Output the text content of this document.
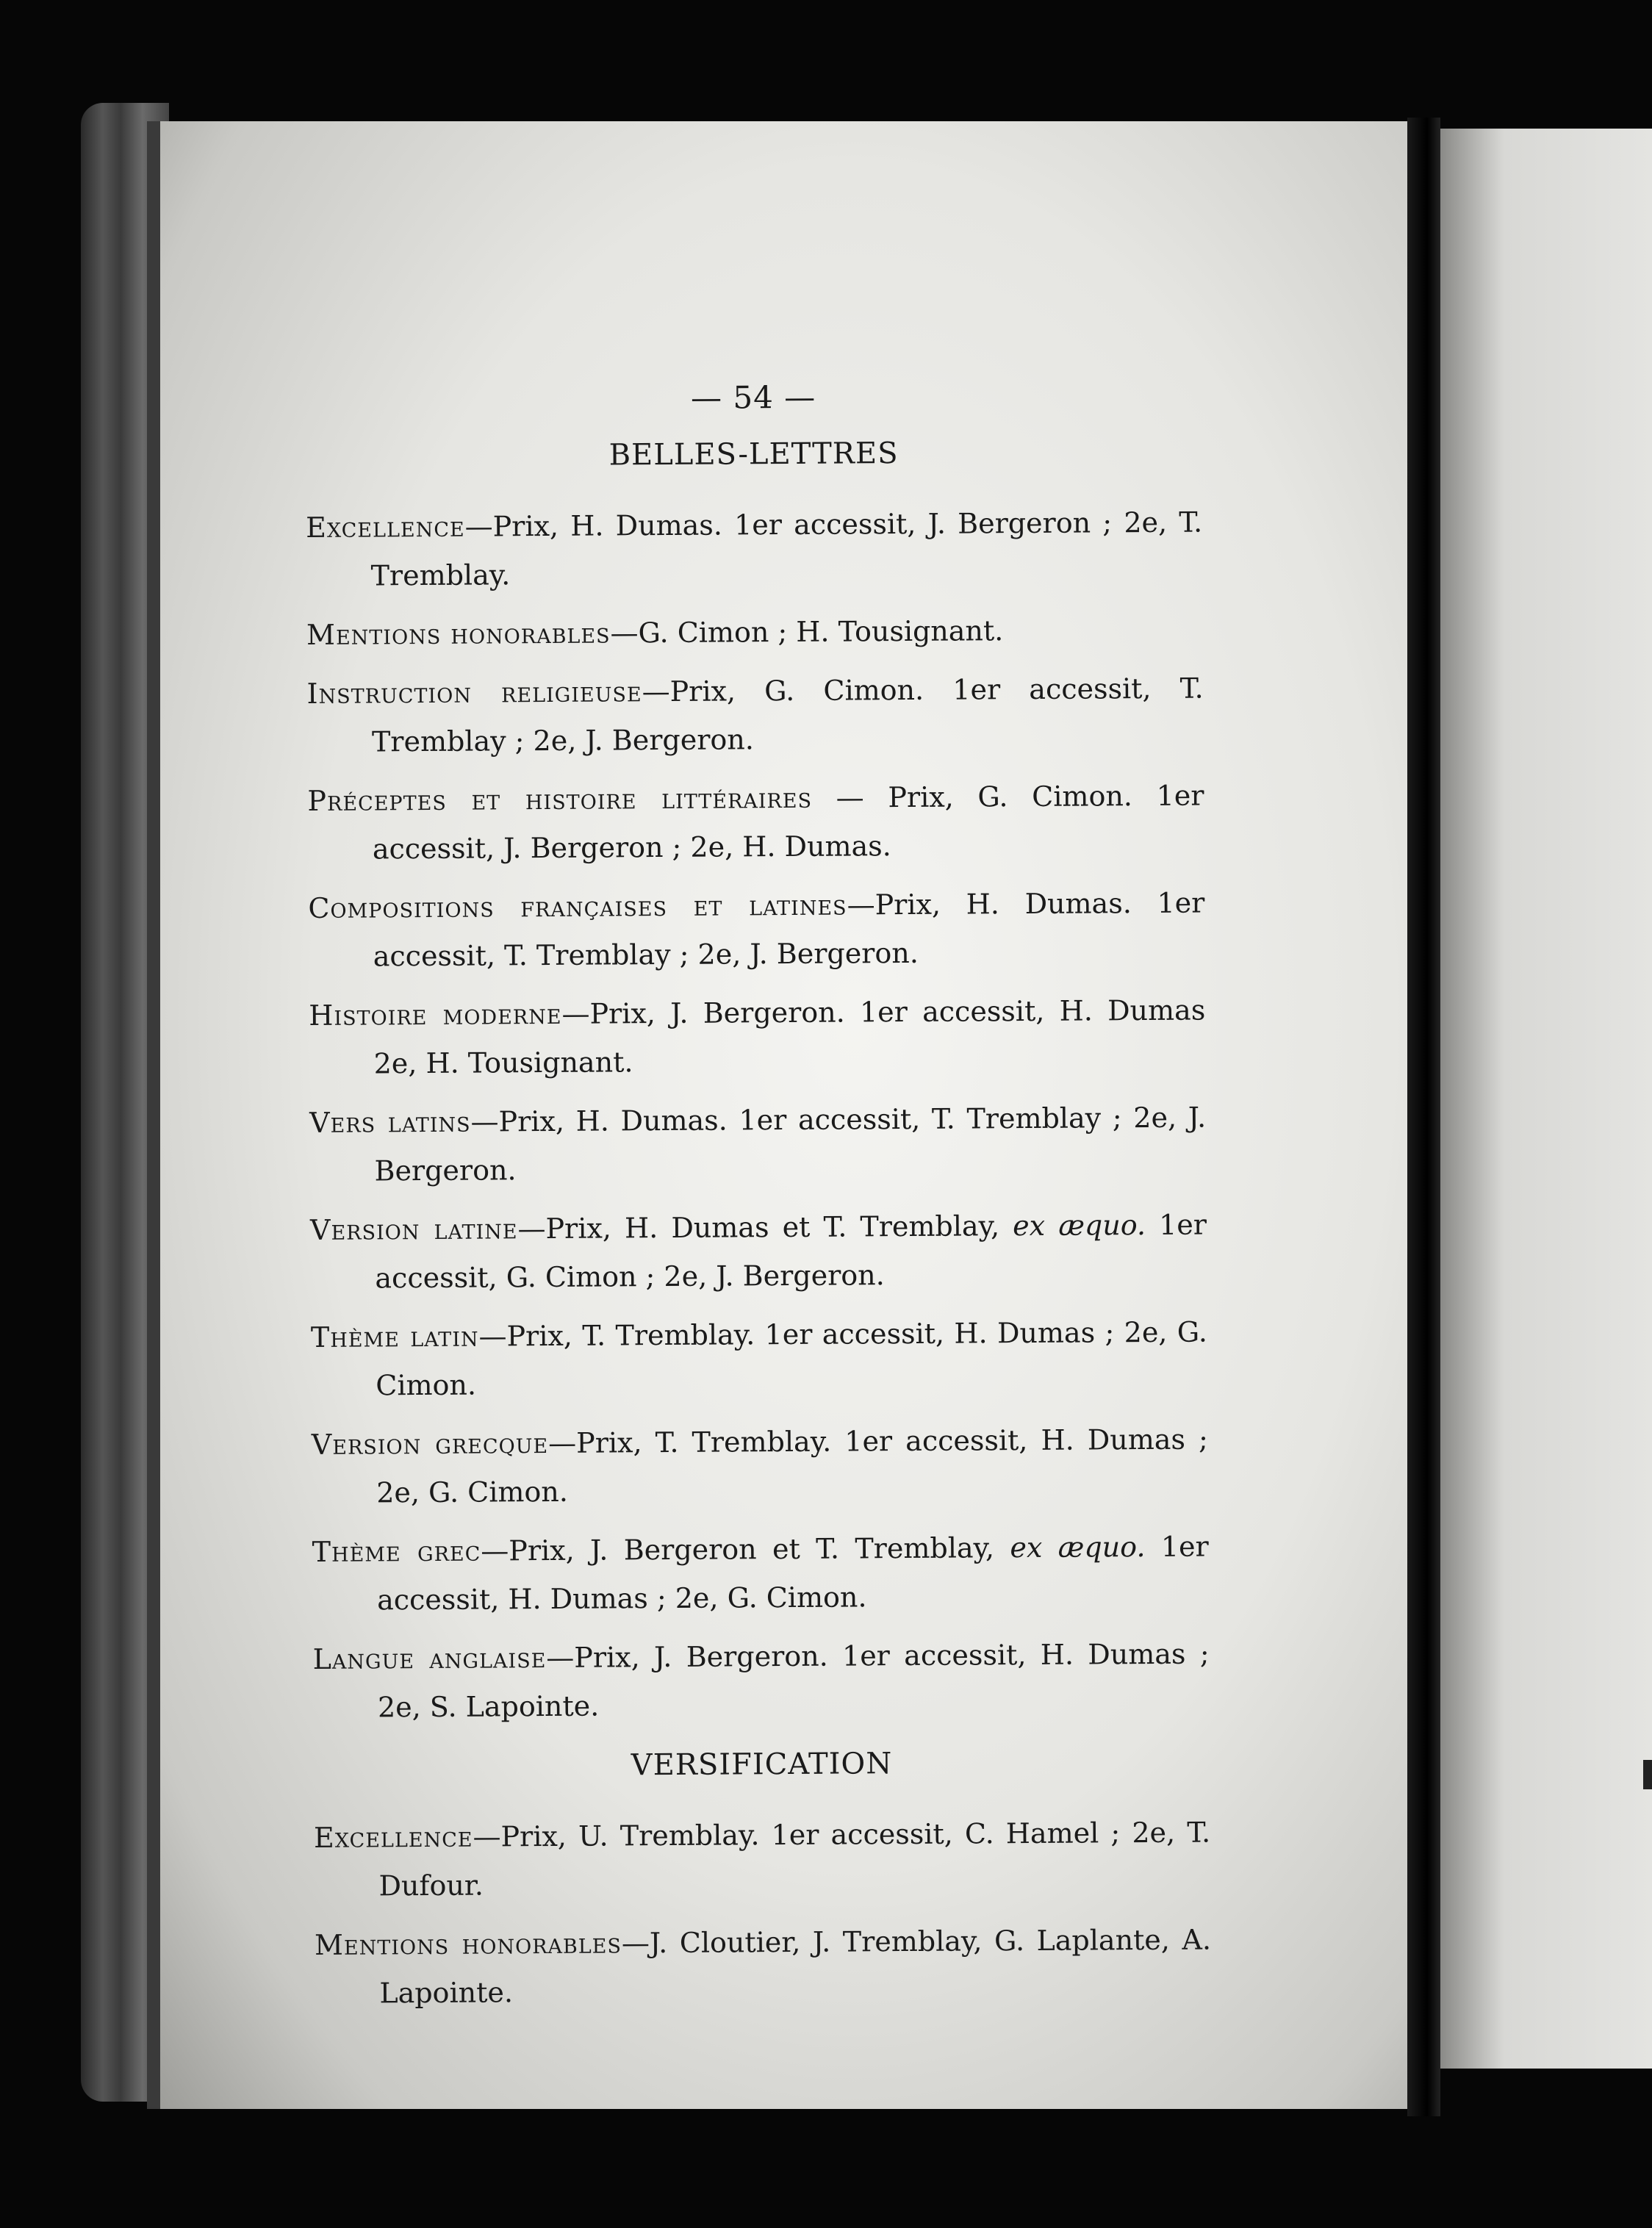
— 54 —
BELLES-LETTRES

Excellence—Prix, H. Dumas. 1er accessit, J. Bergeron ; 2e, T. Tremblay.

Mentions honorables—G. Cimon ; H. Tousignant.

Instruction religieuse—Prix, G. Cimon. 1er accessit, T. Tremblay ; 2e, J. Bergeron.

Préceptes et histoire littéraires — Prix, G. Cimon. 1er accessit, J. Bergeron ; 2e, H. Dumas.

Compositions françaises et latines—Prix, H. Dumas. 1er accessit, T. Tremblay ; 2e, J. Bergeron.

Histoire moderne—Prix, J. Bergeron. 1er accessit, H. Dumas 2e, H. Tousignant.

Vers latins—Prix, H. Dumas. 1er accessit, T. Tremblay ; 2e, J. Bergeron.

Version latine—Prix, H. Dumas et T. Tremblay, ex æquo. 1er accessit, G. Cimon ; 2e, J. Bergeron.

Thème latin—Prix, T. Tremblay. 1er accessit, H. Dumas ; 2e, G. Cimon.

Version grecque—Prix, T. Tremblay. 1er accessit, H. Dumas ; 2e, G. Cimon.

Thème grec—Prix, J. Bergeron et T. Tremblay, ex æquo. 1er accessit, H. Dumas ; 2e, G. Cimon.

Langue anglaise—Prix, J. Bergeron. 1er accessit, H. Dumas ; 2e, S. Lapointe.

VERSIFICATION

Excellence—Prix, U. Tremblay. 1er accessit, C. Hamel ; 2e, T. Dufour.

Mentions honorables—J. Cloutier, J. Tremblay, G. Laplante, A. Lapointe.
